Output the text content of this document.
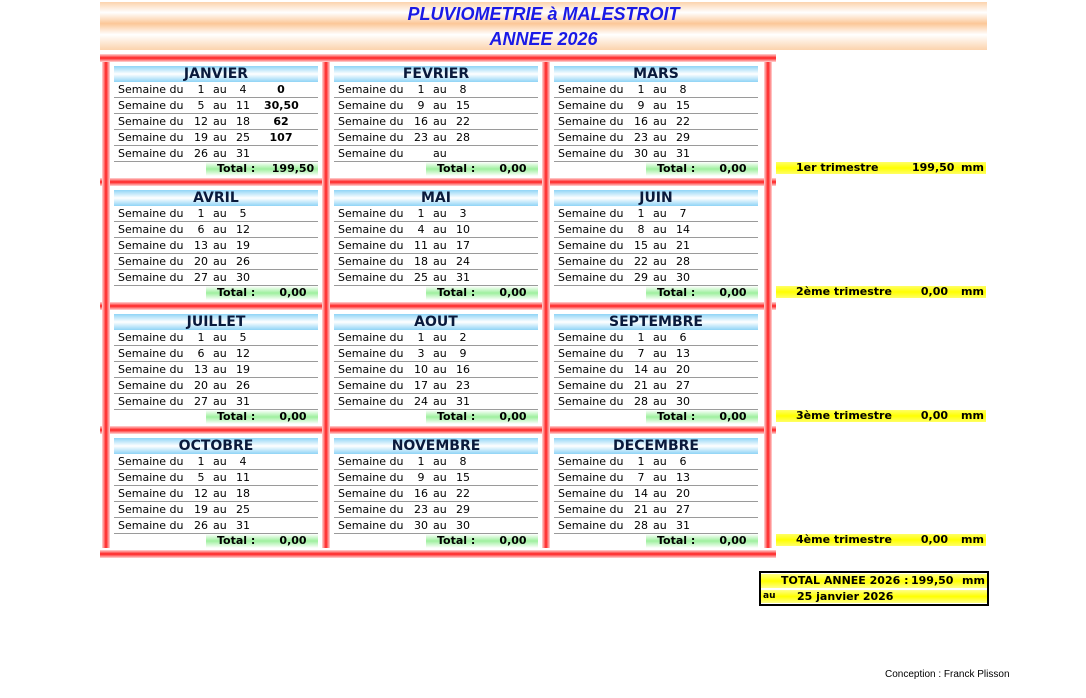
PLUVIOMETRIE à MALESTROIT
ANNEE 2026
JANVIER
Semaine du	1 au	4	0
Semaine du	5 au 11 30,50
Semaine du 12 au 18	62
Semaine du 19 au 25	107
Semaine du 26 au 31
Total : 199,50
FEVRIER
Semaine du	1 au	8
Semaine du	9 au 15
Semaine du 16 au 22
Semaine du 23 au 28
Semaine du	au
Total :	0,00
MARS
Semaine du	1 au	8
Semaine du	9 au 15
Semaine du 16 au 22
Semaine du 23 au 29
Semaine du 30 au 31
Total :	0,00
AVRIL
Semaine du	1 au	5
Semaine du	6 au 12
Semaine du 13 au 19
Semaine du 20 au 26
Semaine du 27 au 30
Total :	0,00
MAI
Semaine du	1 au	3
Semaine du	4 au 10
Semaine du 11 au 17
Semaine du 18 au 24
Semaine du 25 au 31
Total :	0,00
JUIN
Semaine du	1 au	7
Semaine du	8 au 14
Semaine du 15 au 21
Semaine du 22 au 28
Semaine du 29 au 30
Total :	0,00
JUILLET
Semaine du	1 au	5
Semaine du	6 au 12
Semaine du 13 au 19
Semaine du 20 au 26
Semaine du 27 au 31
Total :	0,00
AOUT
Semaine du	1 au	2
Semaine du	3 au	9
Semaine du 10 au 16
Semaine du 17 au 23
Semaine du 24 au 31
Total :	0,00
SEPTEMBRE
Semaine du	1 au	6
Semaine du	7 au 13
Semaine du 14 au 20
Semaine du 21 au 27
Semaine du 28 au 30
Total :	0,00
OCTOBRE
Semaine du	1 au	4
Semaine du	5 au 11
Semaine du 12 au 18
Semaine du 19 au 25
Semaine du 26 au 31
Total :	0,00
NOVEMBRE
Semaine du	1 au	8
Semaine du	9 au 15
Semaine du 16 au 22
Semaine du 23 au 29
Semaine du 30 au 30
Total :	0,00
DECEMBRE
Semaine du	1 au	6
Semaine du	7 au 13
Semaine du 14 au 20
Semaine du 21 au 27
Semaine du 28 au 31
Total :	0,00
1er trimestre	199,50 mm
2ème trimestre	0,00 mm
3ème trimestre	0,00 mm
4ème trimestre	0,00 mm
TOTAL ANNEE 2026 : 199,50 mm
au 25 janvier 2026
Conception : Franck Plisson
